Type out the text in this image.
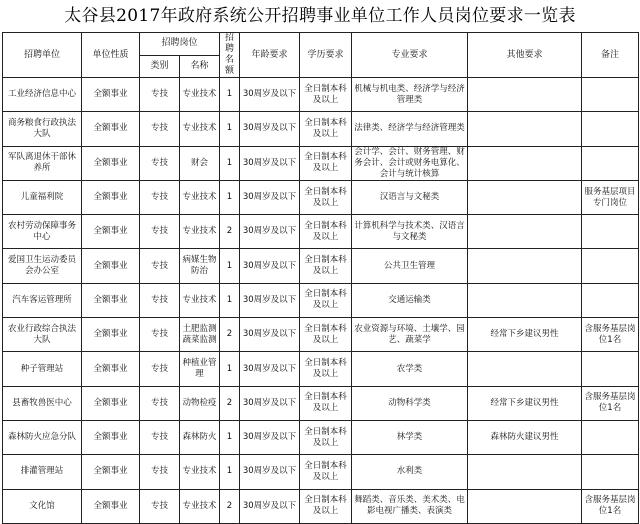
太谷县2017年政府系统公开招聘事业单位工作人员岗位要求一览表
招聘单位	单位性质	招聘岗位		招聘名额	年龄要求	学历要求	专业要求	其他要求	备注
		类别	名称						
工业经济信息中心	全额事业	专技	专业技术	1	30周岁及以下	全日制本科及以上	机械与机电类、经济学与经济管理类		
商务粮食行政执法大队	全额事业	专技	专业技术	1	30周岁及以下	全日制本科及以上	法律类、经济学与经济管理类		
军队离退休干部休养所	全额事业	专技	财会	1	30周岁及以下	全日制本科及以上	会计学、会计、财务管理、财务会计、会计或财务电算化、会计与统计核算		
儿童福利院	全额事业	专技	专业技术	1	30周岁及以下	全日制本科及以上	汉语言与文秘类		服务基层项目专门岗位
农村劳动保障事务中心	全额事业	专技	专业技术	2	30周岁及以下	全日制本科及以上	计算机科学与技术类、汉语言与文秘类		
爱国卫生运动委员会办公室	全额事业	专技	病媒生物防治	1	30周岁及以下	全日制本科及以上	公共卫生管理		
汽车客运管理所	全额事业	专技	专业技术	1	30周岁及以下	全日制本科及以上	交通运输类		
农业行政综合执法大队	全额事业	专技	土肥监测蔬菜监测	2	30周岁及以下	全日制本科及以上	农业资源与环境、土壤学、园艺、蔬菜学	经常下乡建议男性	含服务基层岗位1名
种子管理站	全额事业	专技	种植业管理	1	30周岁及以下	全日制本科及以上	农学类		
县畜牧兽医中心	全额事业	专技	动物检疫	2	30周岁及以下	全日制本科及以上	动物科学类	经常下乡建议男性	含服务基层岗位1名
森林防火应急分队	全额事业	专技	森林防火	1	30周岁及以下	全日制本科及以上	林学类	森林防火建议男性	
排灌管理站	全额事业	专技	专业技术	1	30周岁及以下	全日制本科及以上	水利类		
文化馆	全额事业	专技	专业技术	2	30周岁及以下	全日制本科及以上	舞蹈类、音乐类、美术类、电影电视广播类、表演类		含服务基层岗位1名
